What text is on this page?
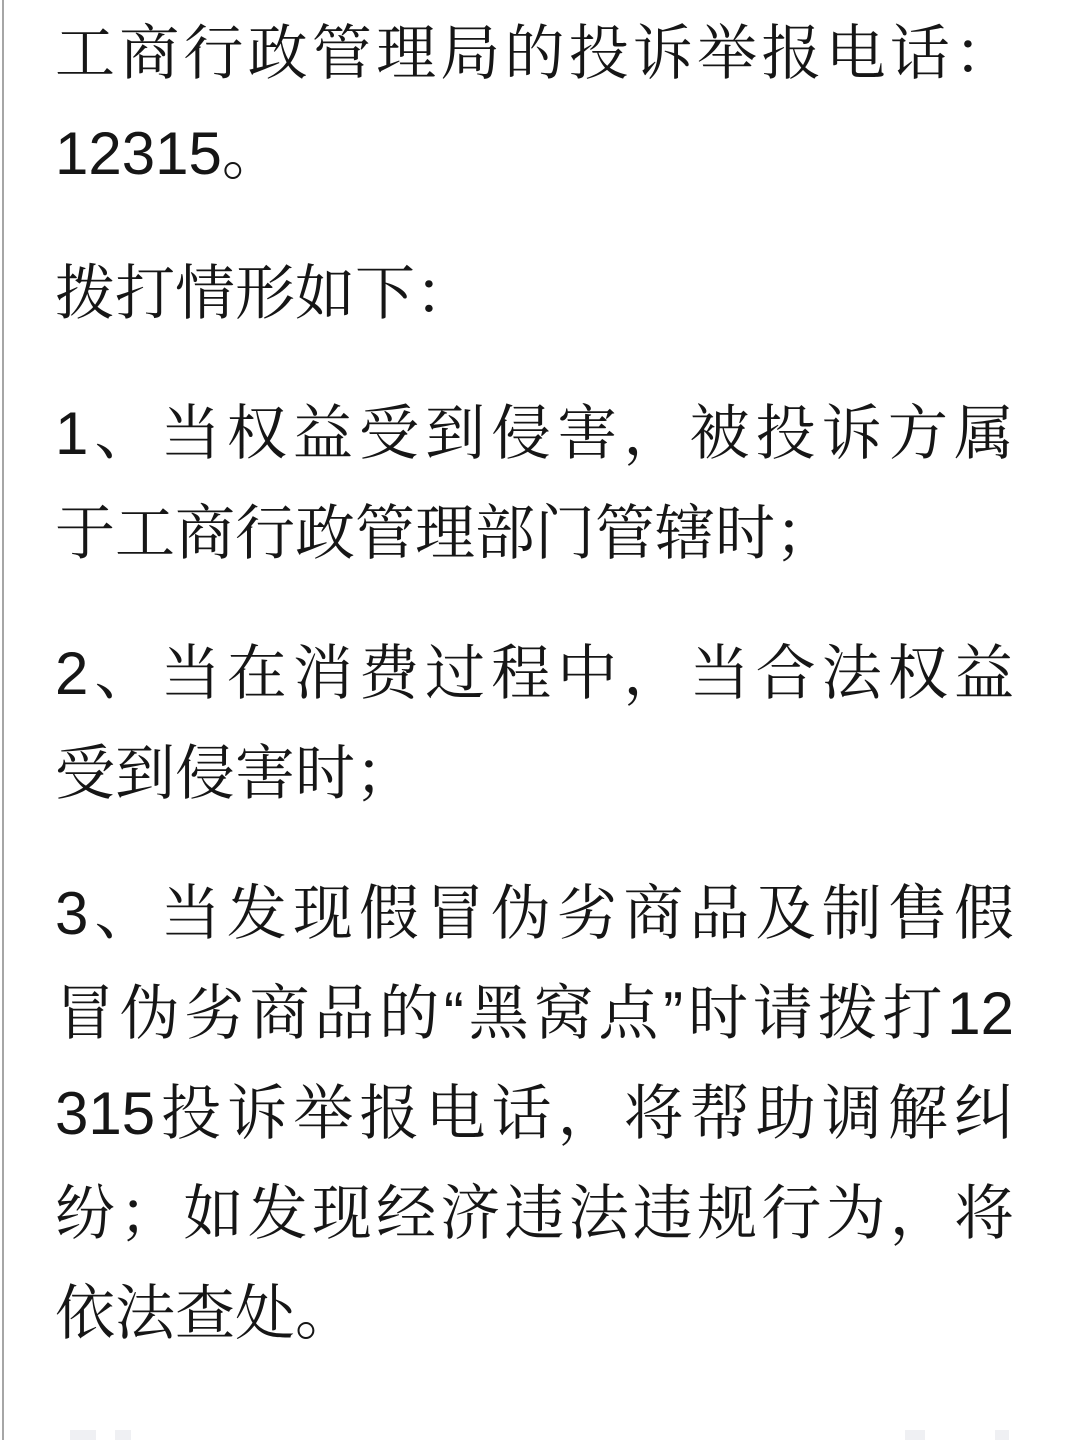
工商行政管理局的投诉举报电话：
12315。

拨打情形如下：

1、当权益受到侵害，被投诉方属
于工商行政管理部门管辖时；

2、当在消费过程中，当合法权益
受到侵害时；

3、当发现假冒伪劣商品及制售假
冒伪劣商品的“黑窝点”时请拨打12
315投诉举报电话，将帮助调解纠
纷；如发现经济违法违规行为，将
依法查处。
